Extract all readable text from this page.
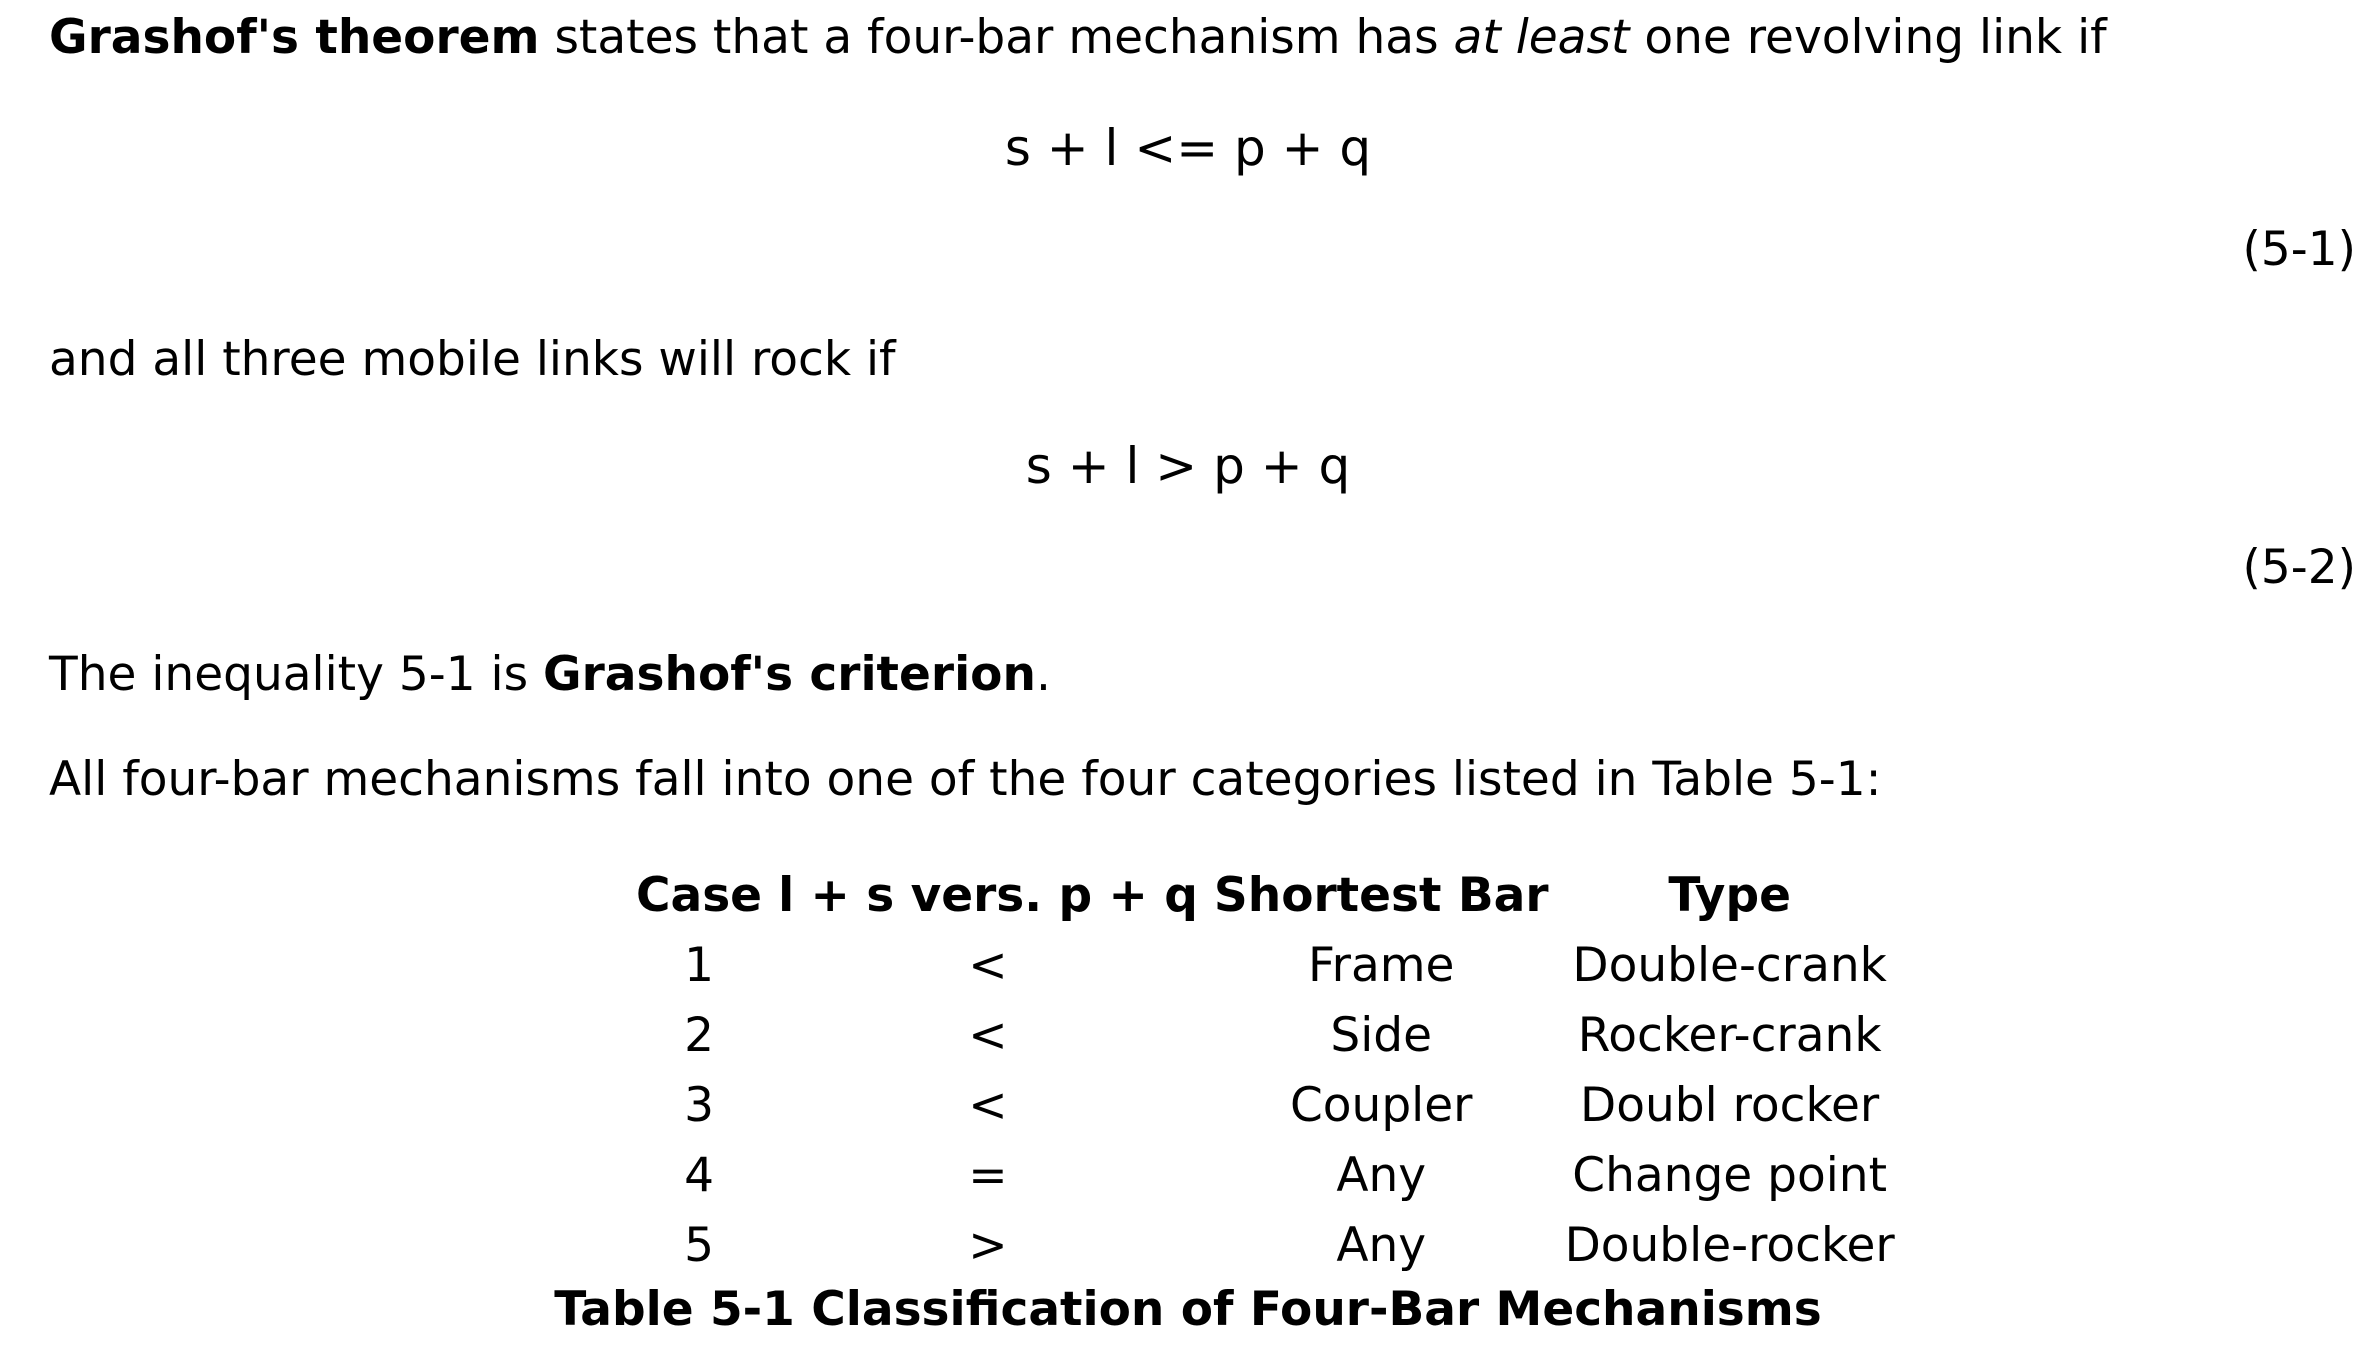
Grashof's theorem states that a four-bar mechanism has at least one revolving link if

s + l <= p + q
(5-1)

and all three mobile links will rock if

s + l > p + q
(5-2)

The inequality 5-1 is Grashof's criterion.

All four-bar mechanisms fall into one of the four categories listed in Table 5-1:

Case	l + s vers. p + q	Shortest Bar	Type
1	<	Frame	Double-crank
2	<	Side	Rocker-crank
3	<	Coupler	Doubl rocker
4	=	Any	Change point
5	>	Any	Double-rocker
Table 5-1 Classification of Four-Bar Mechanisms
